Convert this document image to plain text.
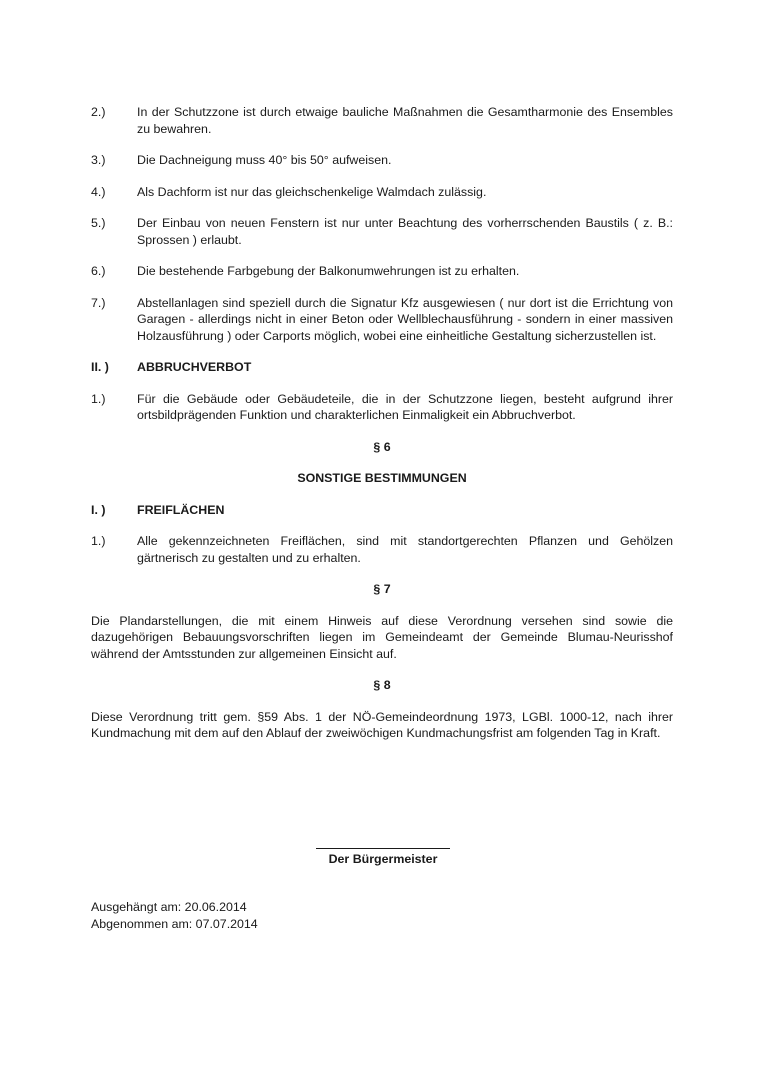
2.)	In der Schutzzone ist durch etwaige bauliche Maßnahmen die Gesamtharmonie des Ensembles zu bewahren.
3.)	Die Dachneigung muss 40° bis 50° aufweisen.
4.)	Als Dachform ist nur das gleichschenkelige Walmdach zulässig.
5.)	Der Einbau von neuen Fenstern ist nur unter Beachtung des vorherrschenden Baustils ( z. B.: Sprossen ) erlaubt.
6.)	Die bestehende Farbgebung der Balkonumwehrungen ist zu erhalten.
7.)	Abstellanlagen sind speziell durch die Signatur Kfz ausgewiesen ( nur dort ist die Errichtung von Garagen - allerdings nicht in einer Beton oder Wellblechausführung - sondern in einer massiven Holzausführung ) oder Carports möglich, wobei eine einheitliche Gestaltung sicherzustellen ist.
II. )	ABBRUCHVERBOT
1.)	Für die Gebäude oder Gebäudeteile, die in der Schutzzone liegen, besteht aufgrund ihrer ortsbildprägenden Funktion und charakterlichen Einmaligkeit ein Abbruchverbot.
§ 6
SONSTIGE BESTIMMUNGEN
I. )	FREIFLÄCHEN
1.)	Alle gekennzeichneten Freiflächen, sind mit standortgerechten Pflanzen und Gehölzen gärtnerisch zu gestalten und zu erhalten.
§ 7
Die Plandarstellungen, die mit einem Hinweis auf diese Verordnung versehen sind sowie die dazugehörigen Bebauungsvorschriften liegen im Gemeindeamt der Gemeinde Blumau-Neurisshof während der Amtsstunden zur allgemeinen Einsicht auf.
§ 8
Diese Verordnung tritt gem. §59 Abs. 1 der NÖ-Gemeindeordnung 1973, LGBl. 1000-12, nach ihrer Kundmachung mit dem auf den Ablauf der zweiwöchigen Kundmachungsfrist am folgenden Tag in Kraft.
Der Bürgermeister
Ausgehängt am: 20.06.2014
Abgenommen am: 07.07.2014
